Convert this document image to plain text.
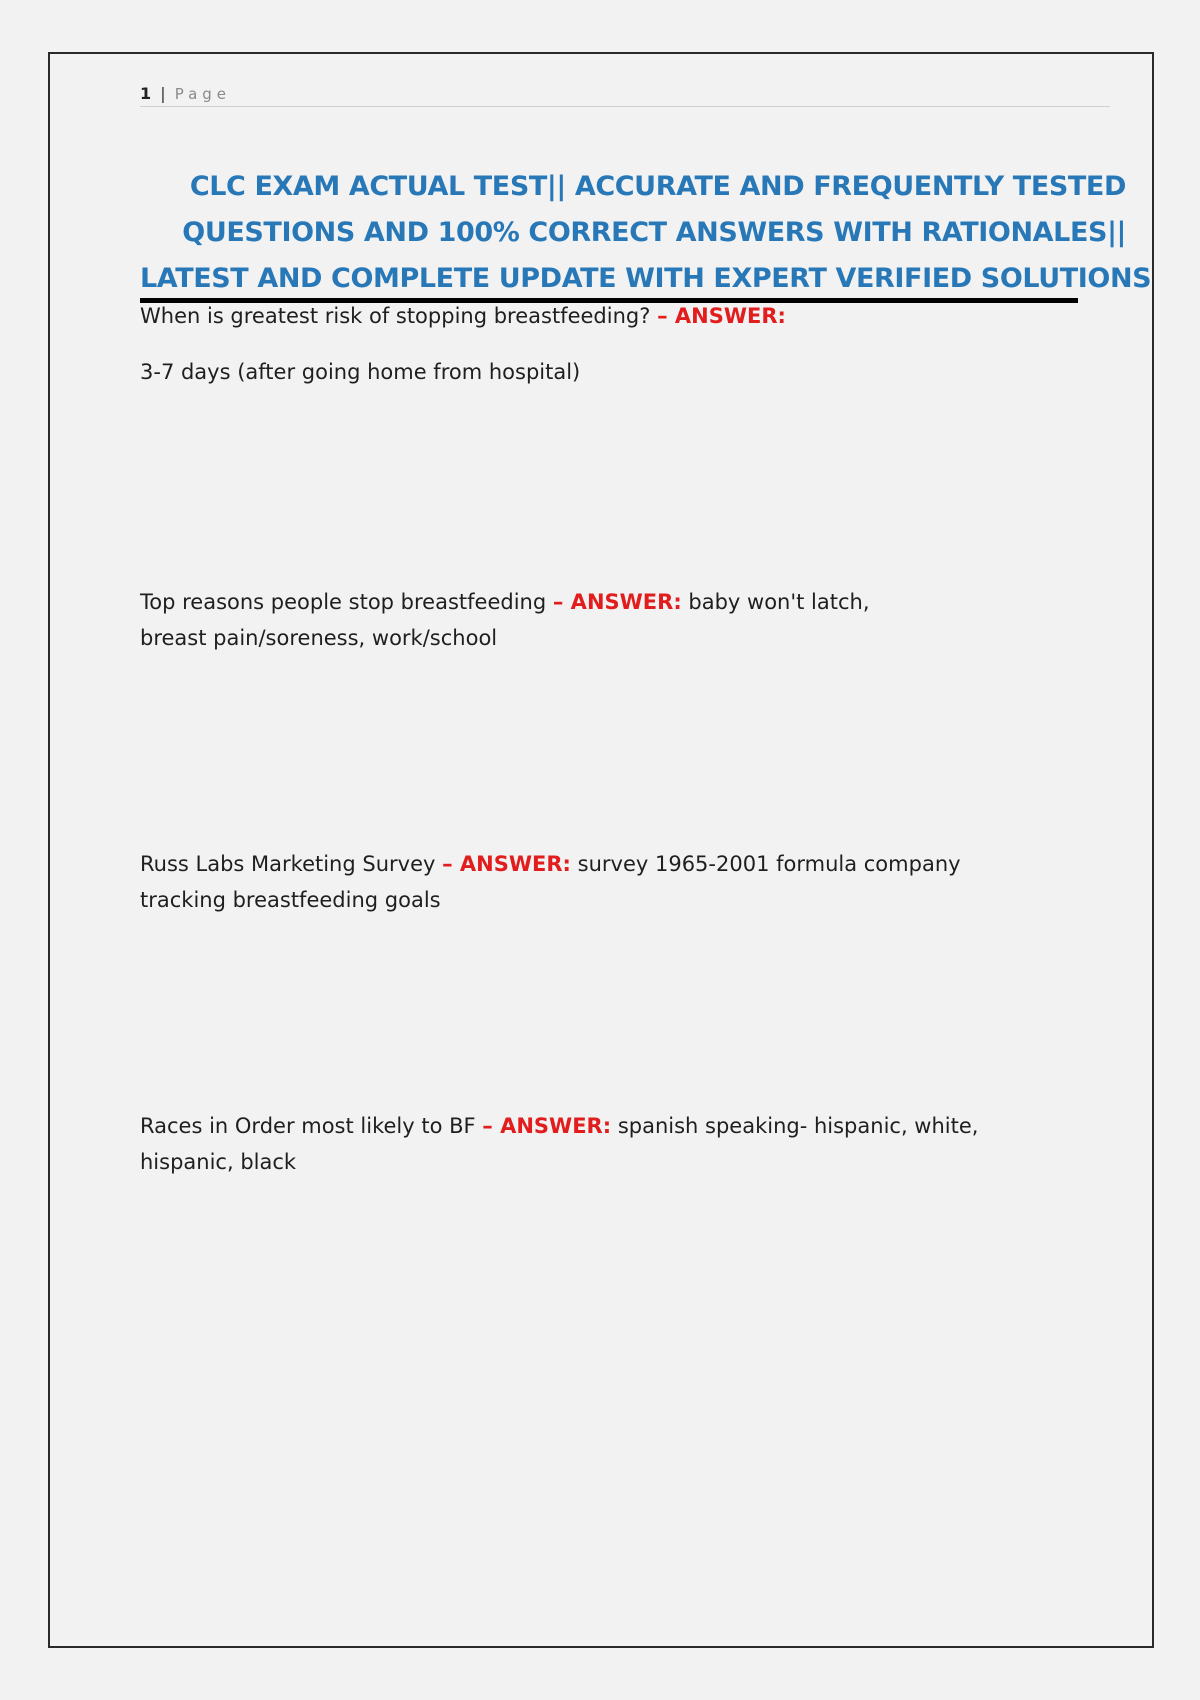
1 | Page
CLC EXAM ACTUAL TEST|| ACCURATE AND FREQUENTLY TESTED
QUESTIONS AND 100% CORRECT ANSWERS WITH RATIONALES||
LATEST AND COMPLETE UPDATE WITH EXPERT VERIFIED SOLUTIONS
When is greatest risk of stopping breastfeeding? – ANSWER:
3-7 days (after going home from hospital)
Top reasons people stop breastfeeding – ANSWER: baby won't latch, breast pain/soreness, work/school
Russ Labs Marketing Survey – ANSWER: survey 1965-2001 formula company tracking breastfeeding goals
Races in Order most likely to BF – ANSWER: spanish speaking- hispanic, white, hispanic, black
